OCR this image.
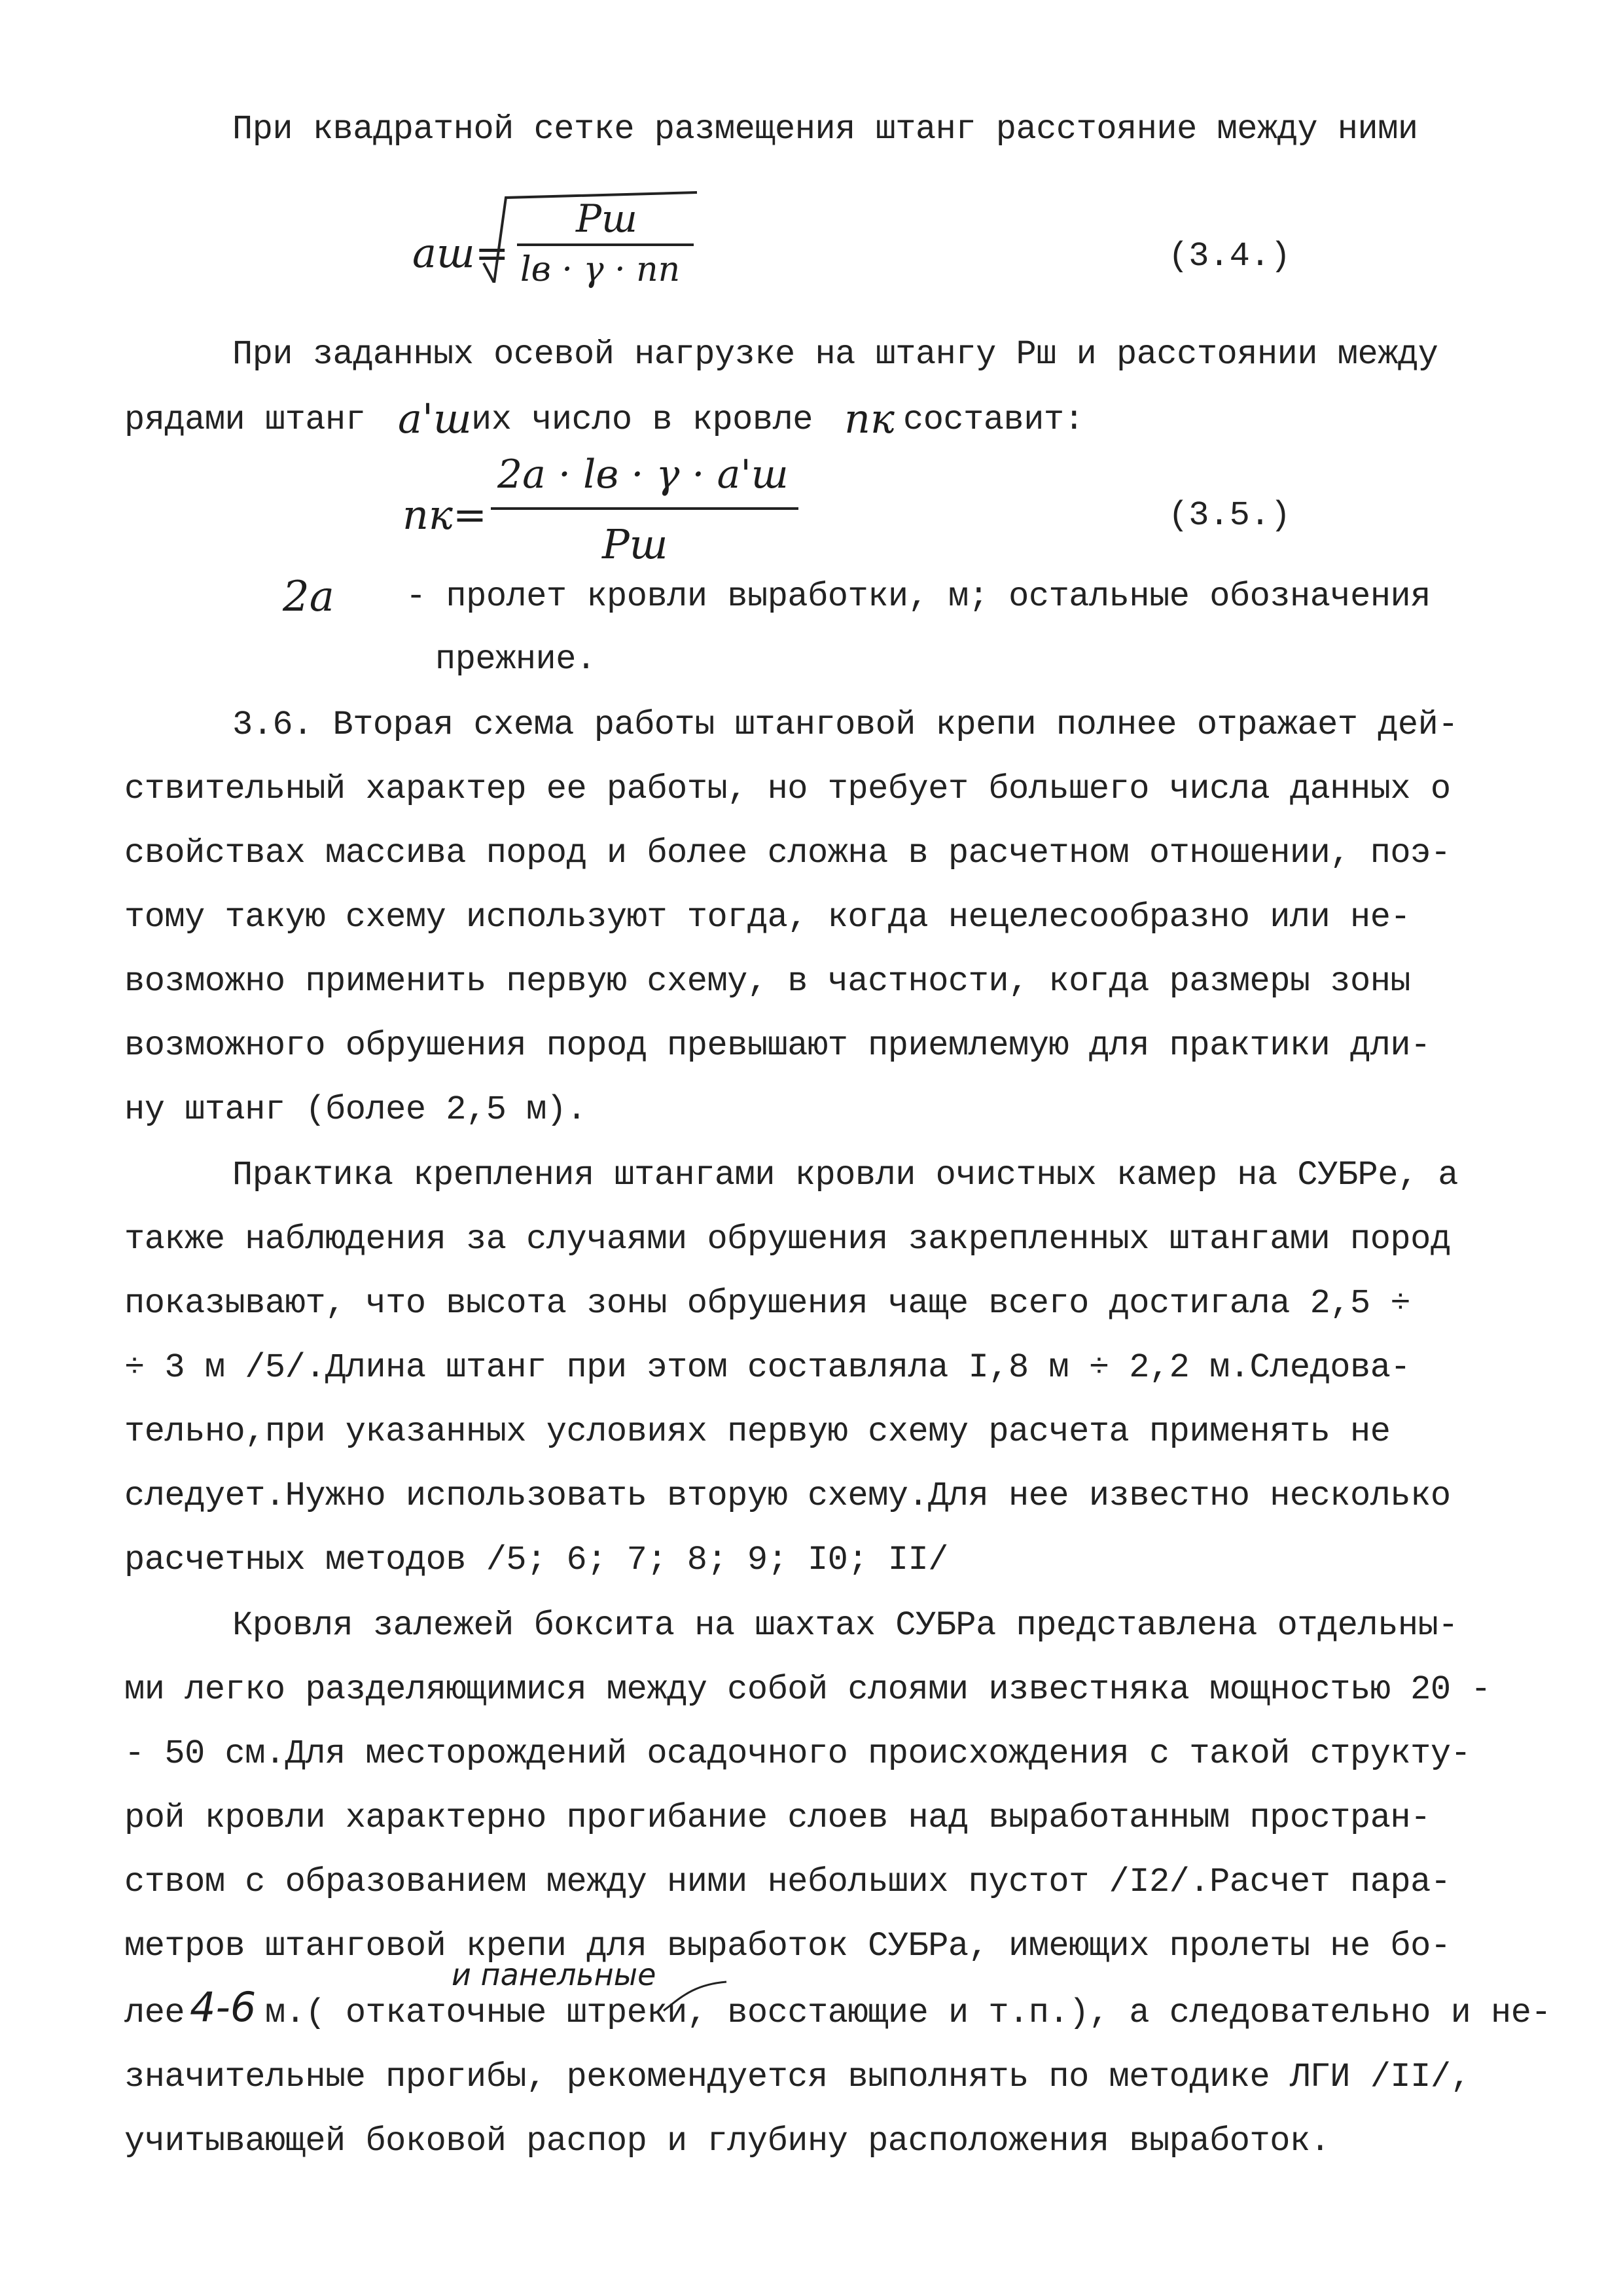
При квадратной сетке размещения штанг расстояние между ними
aш=
Pш
lв · γ · nп	(3.4.)
При заданных осевой нагрузке на штангу Pш и расстоянии между
рядами штанг a'ш их число в кровле nк составит:
nк=
2a · lв · γ · a'ш
Pш
(3.5.)
2a - пролет кровли выработки, м; остальные обозначения
прежние.
3.6. Вторая схема работы штанговой крепи полнее отражает дей-
ствительный характер ее работы, но требует большего числа данных о
свойствах массива пород и более сложна в расчетном отношении, поэ-
тому такую схему используют тогда, когда нецелесообразно или не-
возможно применить первую схему, в частности, когда размеры зоны
возможного обрушения пород превышают приемлемую для практики дли-
ну штанг (более 2,5 м).
Практика крепления штангами кровли очистных камер на СУБРе, а
также наблюдения за случаями обрушения закрепленных штангами пород
показывают, что высота зоны обрушения чаще всего достигала 2,5 ÷
÷ 3 м /5/.Длина штанг при этом составляла I,8 м ÷ 2,2 м.Следова-
тельно,при указанных условиях первую схему расчета применять не
следует.Нужно использовать вторую схему.Для нее известно несколько
расчетных методов /5; 6; 7; 8; 9; I0; II/
Кровля залежей боксита на шахтах СУБРа представлена отдельны-
ми легко разделяющимися между собой слоями известняка мощностью 20 -
- 50 см.Для месторождений осадочного происхождения с такой структу-
рой кровли характерно прогибание слоев над выработанным простран-
ством с образованием между ними небольших пустот /I2/.Расчет пара-
метров штанговой крепи для выработок СУБРа, имеющих пролеты не бо-
и панельные
лее 4-6 м.( откаточные штреки, восстающие и т.п.), а следовательно и не-
значительные прогибы, рекомендуется выполнять по методике ЛГИ /II/,
учитывающей боковой распор и глубину расположения выработок.
